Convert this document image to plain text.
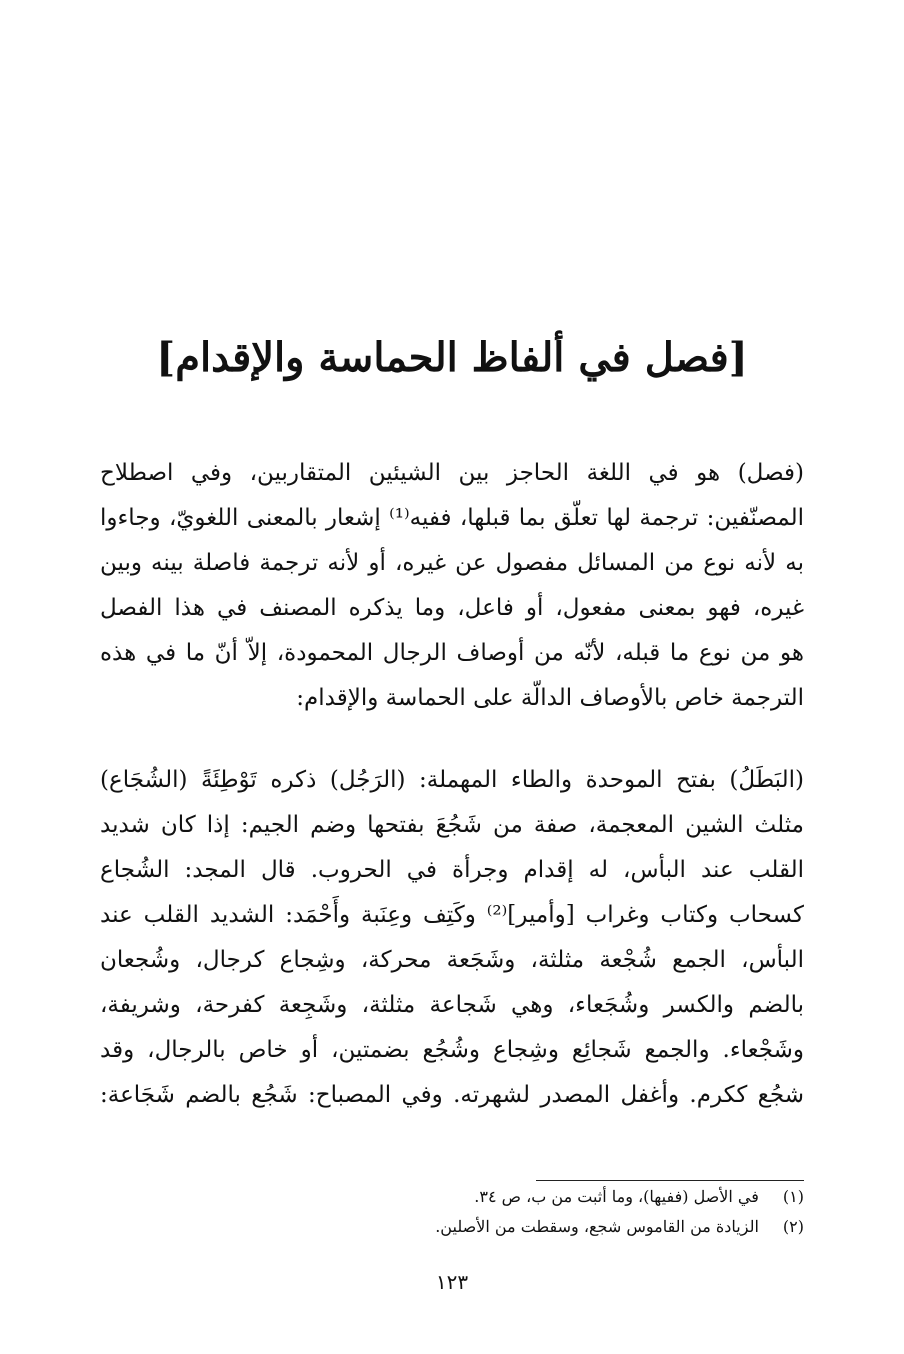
[فصل في ألفاظ الحماسة والإقدام]

(فصل) هو في اللغة الحاجز بين الشيئين المتقاربين، وفي اصطلاح
المصنّفين: ترجمة لها تعلّق بما قبلها، ففيه⁽¹⁾ إشعار بالمعنى اللغويّ، وجاءوا
به لأنه نوع من المسائل مفصول عن غيره، أو لأنه ترجمة فاصلة بينه وبين
غيره، فهو بمعنى مفعول، أو فاعل، وما يذكره المصنف في هذا الفصل
هو من نوع ما قبله، لأنّه من أوصاف الرجال المحمودة، إلاّ أنّ ما في هذه
الترجمة خاص بالأوصاف الدالّة على الحماسة والإقدام:

(البَطَلُ) بفتح الموحدة والطاء المهملة: (الرَجُل) ذكره تَوْطِئَةً (الشُجَاع)
مثلث الشين المعجمة، صفة من شَجُعَ بفتحها وضم الجيم: إذا كان شديد
القلب عند البأس، له إقدام وجرأة في الحروب. قال المجد: الشُجاع
كسحاب وكتاب وغراب [وأمير]⁽²⁾ وكَتِف وعِنَبة وأَحْمَد: الشديد القلب عند
البأس، الجمع شُجْعة مثلثة، وشَجَعة محركة، وشِجاع كرجال، وشُجعان
بالضم والكسر وشُجَعاء، وهي شَجاعة مثلثة، وشَجِعة كفرحة، وشريفة،
وشَجْعاء. والجمع شَجائِع وشِجاع وشُجُع بضمتين، أو خاص بالرجال، وقد
شجُع ككرم. وأغفل المصدر لشهرته. وفي المصباح: شَجُع بالضم شَجَاعة:

(١) في الأصل (ففيها)، وما أثبت من ب، ص ٣٤.
(٢) الزيادة من القاموس شجع، وسقطت من الأصلين.
١٢٣
